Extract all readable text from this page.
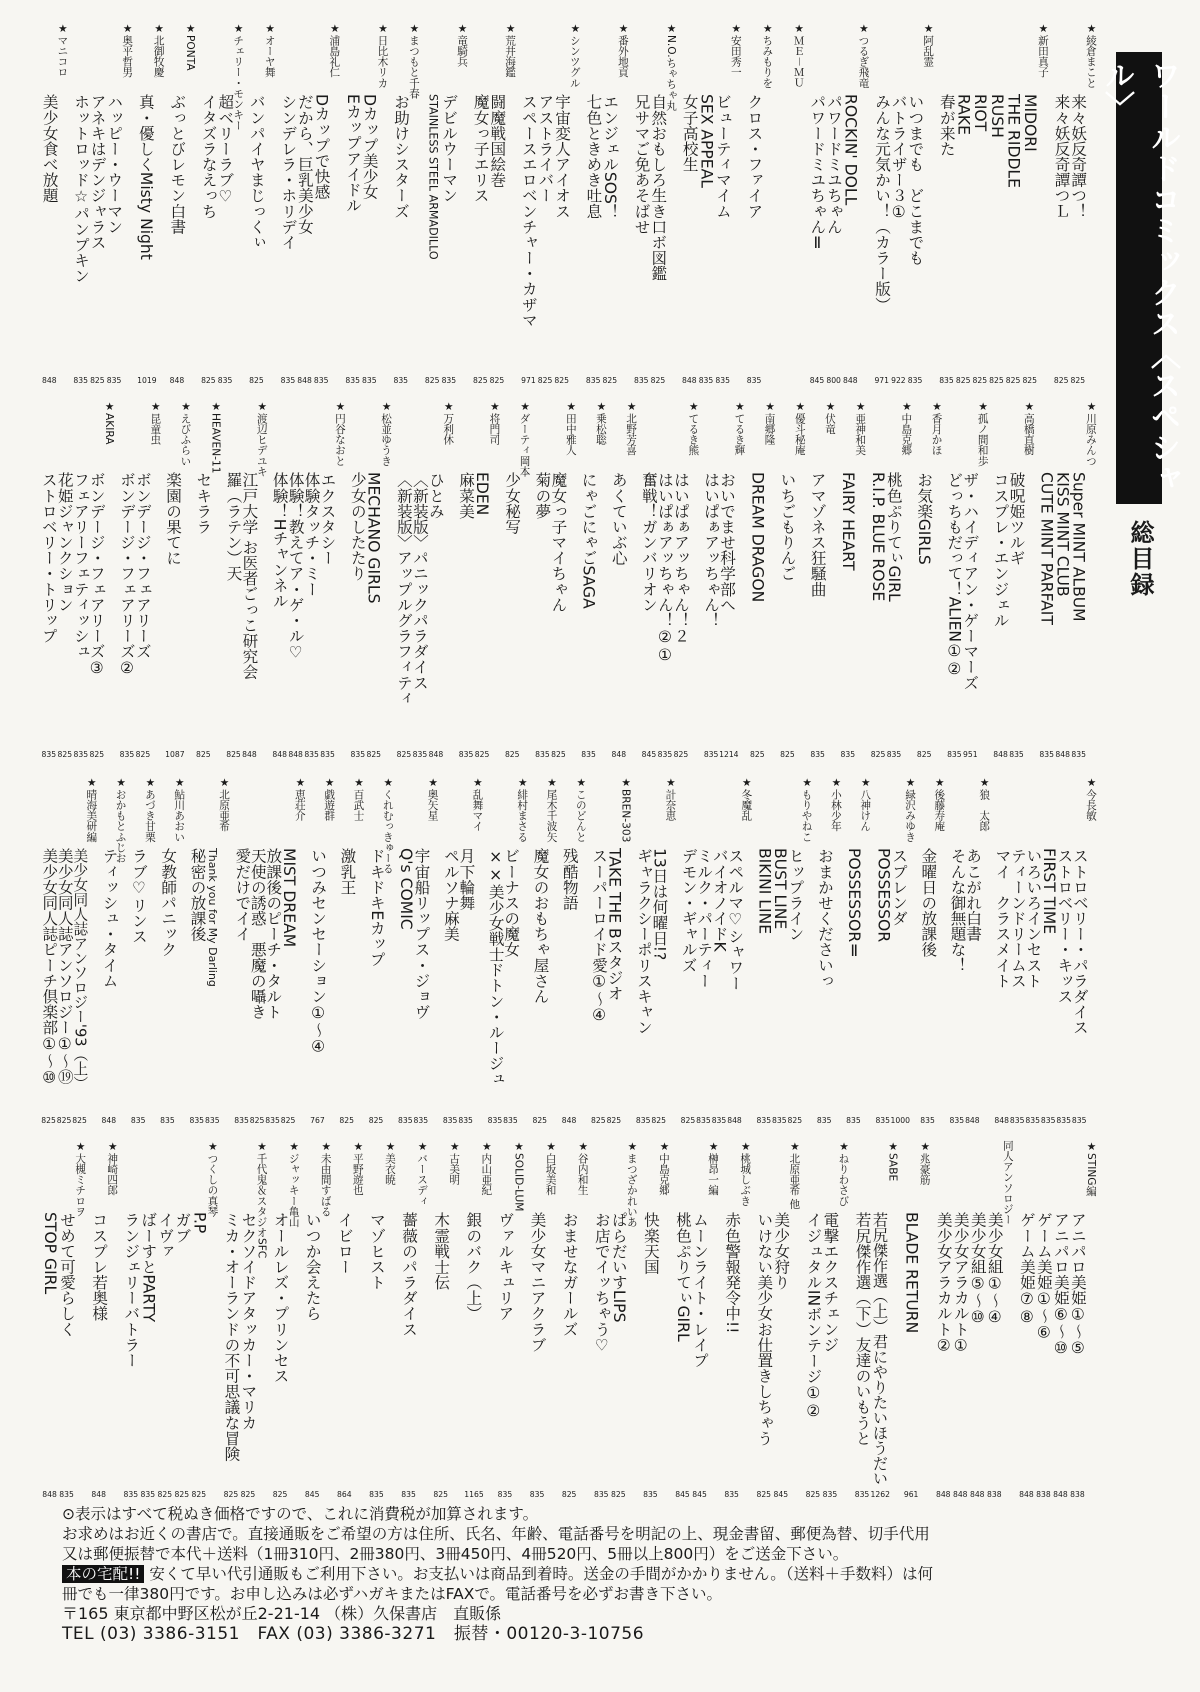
ワールドコミックス〈スペシャル〉
総目録
★綾倉まこと
来々妖反奇譚つ！
825
来々妖反奇譚つＬ
825
★新田真子
MIDORI
825
THE RIDDLE
825
RUSH
825
RIOT
825
RAKE
825
春が来た
835
★阿乱霊
いつまでも　どこまでも
835
バトライザー３①
922
みんな元気かい！（カラー版）
971
★つるぎ飛竜
ROCKIN' DOLL
848
パワードミユちゃん
800
パワードミユちゃんⅡ
845
★ＭＥ－ＭＵ
★ちみもりを
クロス・ファイア
835
★安田秀一
ビューティマイム
835
SEX APPEAL
835
女子高校生
848
★N.O.ちゃちゃ丸
自然おもしろ生き口ボ図鑑
825
兄サマご免あそばせ
835
★番外地貢
エンジェルSOS！
825
七色ときめき吐息
835
★シンツグル
宇宙変人アイオス
825
アストライバー
825
スペースエロベンチャー・カザマ
971
★荒井海鑑
闘魔戦国絵巻
825
魔女っ子エリス
825
★竜騎兵
デビルウーマン
835
STAINLESS STEEL ARMADILLO
825
★まつもと千春
お助けシスターズ
835
★日比木リカ
Dカップ美少女
835
Eカップアイドル
835
★浦島礼仁
Dカップで快感
835
だから、巨乳美少女
848
シンデレラ・ホリデイ
835
★オーヤ舞
バンパイヤまじっくぃ
825
★チェリー・モンキー
超ベリーラブ♡
835
イタズラなえっち
825
★PONTA
ぶっとびレモン白書
848
★北御牧慶
真・優しくMisty Night
1019
★奥平哲男
ハッピー・ウーマン
835
アネキはデンジャラス
825
ホットロッド☆パンプキン
835
★マニコロ
美少女食べ放題
848
★川原みんつ
Super MINT ALBUM
835
KISS MINT CLUB
848
CUTE MINT PARFAIT
835
★高橋直樹
破呪姫ツルギ
835
コスプレ・エンジェル
848
★孤ノ間和歩
ザ・ハイディアン・ゲーマーズ
951
どっちもだって！ALIEN①②
835
★香月かほ
お気楽GIRLS
825
★中島克郷
桃色ぷりてぃGIRL
835
R.I.P. BLUE ROSE
825
★亜神和美
FAIRY HEART
835
★伏竜
アマゾネス狂騒曲
835
★優斗秘庵
いちごもりんご
825
★南郷隆
DREAM DRAGON
825
★てるき輝
おいでませ科学部へ
1214
はいぱぁアッちゃん！
835
★てるき熊
はいぱぁアッちゃん！２
825
はいぱぁアッちゃん！②①
835
奮戦！ガンバリオン
845
★北野芳喜
あくていぶ心
848
★乗松聡
にゃごにゃごSAGA
835
★田中雅人
魔女っ子マイちゃん
825
菊の夢
835
★ダーティ岡本
少女秘写
825
★将門司
EDEN
825
麻菜美
835
★万利休
ひとみ
848
〈新装版〉パニックパラダイス
835
〈新装版〉アップルグラフィティ
825
★松並ゆうき
MECHANO GIRLS
825
少女のしたたり
835
★円谷なおと
エクスタシー
835
体験タッチ・ミー
835
体験！教えてア・ゲ・ル♡
848
体験！Hチャンネル
848
★渡辺ヒデユキ
江戸大学 お医者ごっこ研究会
848
羅（ラテン）天
825
★HEAVEN-11
セキララ
825
★えびふらい
楽園の果てに
1087
★昆童虫
ボンデージ・フェアリーズ
825
ボンデージ・フェアリーズ②
835
★AKIRA
ボンデージ・フェアリーズ③
825
フェアリーフェティッシュ
835
花姫ジャンクション
825
ストロベリー・トリップ
835
★今長敏
ストロベリー・パラダイス
835
ストロベリー・キッス
835
FIRST TIME
835
いろいろインセスト
835
ティーンドリームス
835
マイ　クラスメイト
848
★狼　太郎
あこがれ白書
848
そんな御無題な！
835
★後藤寿庵
金曜日の放課後
835
★緑沢みゆき
スプレンダ
1000
POSSESSOR
835
★八神けん
POSSESSORⅡ
835
★小林少年
おまかせくださいっ
835
★もりやねこ
ヒップライン
825
BUST LINE
835
BIKINI LINE
835
★冬魔乱
スペルマ♡シャワー
848
バイオノイドK
835
ミルク・パーティー
835
デモン・ギャルズ
825
★計奈恵
13日は何曜日!?
825
ギャラクシーポリスキャン
835
★BREN-303
TAKE THE Bスタジオ
825
スーパーロイド愛①～④
825
★このどんと
残酷物語
848
★尾木千波矢
魔女のおもちゃ屋さん
825
★緋村まさる
ビーナスの魔女
835
××美少女戦士ドトン・ルージュ
835
★乱舞マイ
月下輪舞
835
ペルソナ麻美
835
★奥矢星
宇宙船リップス・ジョヴ
835
Q's COMIC
835
★くれむっきゅーる
ドキドキEカップ
825
★百武士
激乳王
825
★戯遊群
いつみセンセーション①～④
767
★恵荘介
MIST DREAM
825
放課後のピーチ・タルト
835
天使の誘惑　悪魔の囁き
825
愛だけでイイ
835
★北原亜希
Thank you for My Darling
835
秘密の放課後
835
★鮎川あおい
女教師パニック
835
★あづき甘栗
ラブ♡リンス
835
★おかもとふじお
ティッシュ・タイム
848
★晴海美研編
美少女同人誌アンソロジー'93（上）
825
美少女同人誌アンソロジー①～⑲
825
美少女同人誌ピーチ倶楽部①～⑩
825
★STING編
アニパロ美姫①～⑤
838
アニパロ美姫⑥～⑩
848
ゲーム美姫①～⑥
838
ゲーム美姫⑦⑧
848
同人アンソロジー
美少女組①～④
838
美少女組⑤～⑩
848
美少女アラカルト①
848
美少女アラカルト②
848
★兆豪筋
BLADE RETURN
961
★SABE
若尻傑作選（上）君にやりたいほうだい
1262
若尻傑作選（下）友達のいもうと
835
★ねりわさび
電撃エクスチェンジ
835
イジュタルINボンテージ①②
825
★北原亜希 他
美少女狩り
845
いけない美少女お仕置きしちゃう
825
★桃城しぶき
赤色警報発令中!!
835
★榊昂一編
ムーンライト・レイプ
845
桃色ぷりてぃGIRL
845
★中島克郷
快楽天国
835
★まつざかれいあ
ぱらだいすLIPS
825
お店でイッちゃう♡
835
★谷内和生
おませなガールズ
825
★白坂美和
美少女マニアクラブ
835
★SOLID-LUM
ヴァルキュリア
835
★内山亜紀
銀のバク（上）
1165
★古美明
木霊戦士伝
825
★バースディ
薔薇のパラダイス
835
★美衣暁
マゾヒスト
835
★平野遊也
イビロー
864
★未由間すばる
いつか会えたら
845
★ジャッキー亀山
オールレズ・プリンセス
825
★千代鬼＆スタジオSFC
セクソイドアタッカー・マリカ
825
ミカ・オーランドの不可思議な冒険
825
★つくしの真琴
P.P
825
ガブ
825
イヴァ
825
ばーすとPARTY
835
ランジェリーバトラー
835
★神崎四郎
コスプレ若奥様
848
★大槻ミチロヲ
せめて可愛らしく
835
STOP GIRL
848
⊙表示はすべて税ぬき価格ですので、これに消費税が加算されます。
お求めはお近くの書店で。直接通販をご希望の方は住所、氏名、年齢、電話番号を明記の上、現金書留、郵便為替、切手代用
又は郵便振替で本代＋送料（1冊310円、2冊380円、3冊450円、4冊520円、5冊以上800円）をご送金下さい。
本の宅配!! 安くて早い代引通販もご利用下さい。お支払いは商品到着時。送金の手間がかかりません。（送料＋手数料）は何
冊でも一律380円です。お申し込みは必ずハガキまたはFAXで。電話番号を必ずお書き下さい。
〒165 東京都中野区松が丘2-21-14 （株）久保書店　直販係
TEL (03) 3386-3151　FAX (03) 3386-3271　振替・00120-3-10756
